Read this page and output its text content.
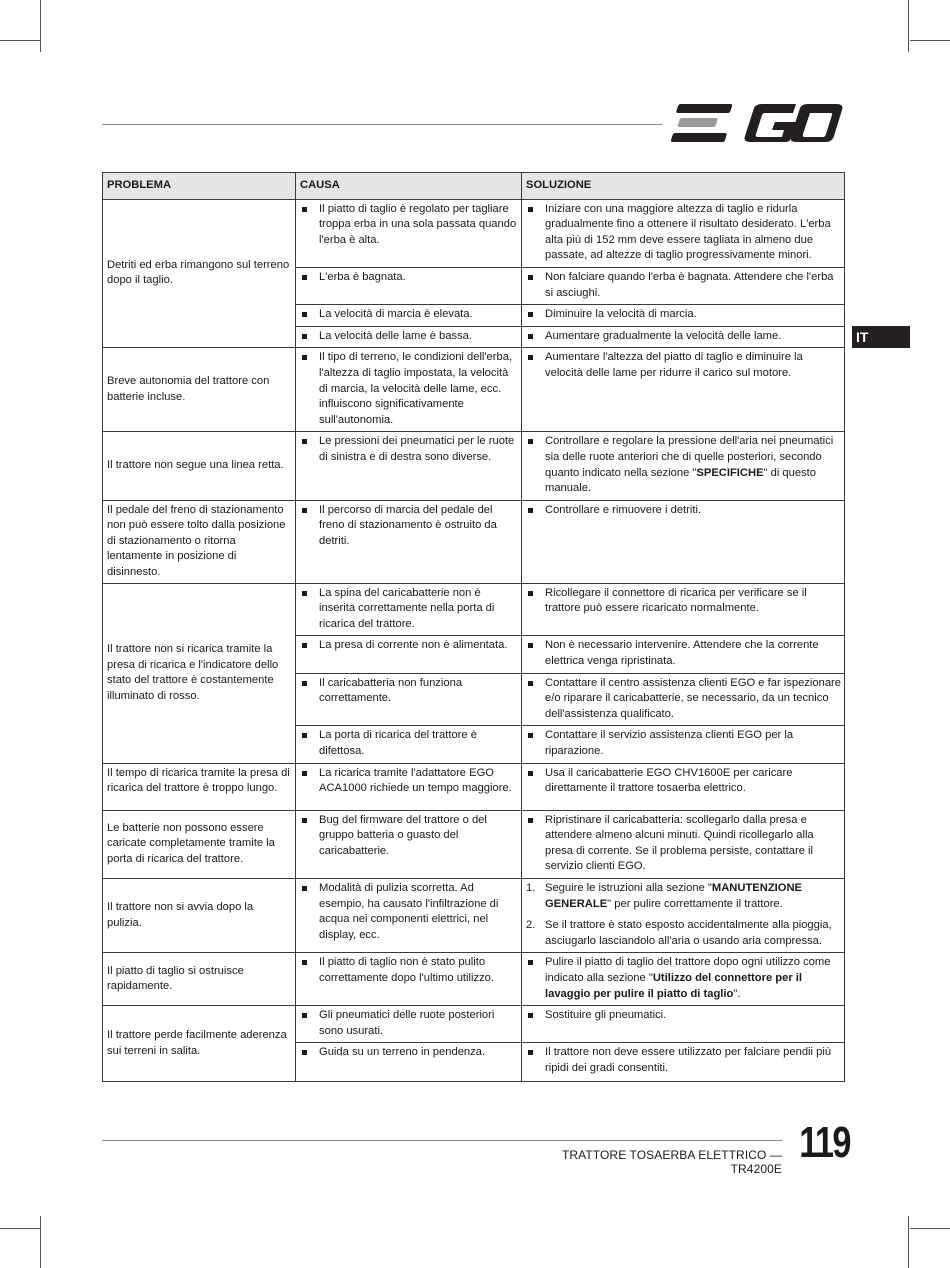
EGO
IT
PROBLEMA	CAUSA	SOLUZIONE
Detriti ed erba rimangono sul terreno dopo il taglio.	Il piatto di taglio è regolato per tagliare troppa erba in una sola passata quando l'erba è alta.	Iniziare con una maggiore altezza di taglio e ridurla gradualmente fino a ottenere il risultato desiderato. L'erba alta più di 152 mm deve essere tagliata in almeno due passate, ad altezze di taglio progressivamente minori.

L'erba è bagnata.	Non falciare quando l'erba è bagnata. Attendere che l'erba si asciughi.

La velocità di marcia è elevata.	Diminuire la velocità di marcia.

La velocità delle lame è bassa.	Aumentare gradualmente la velocità delle lame.

Breve autonomia del trattore con batterie incluse.	Il tipo di terreno, le condizioni dell'erba, l'altezza di taglio impostata, la velocità di marcia, la velocità delle lame, ecc. influiscono significativamente sull'autonomia.	Aumentare l'altezza del piatto di taglio e diminuire la velocità delle lame per ridurre il carico sul motore.

Il trattore non segue una linea retta.	Le pressioni dei pneumatici per le ruote di sinistra e di destra sono diverse.	Controllare e regolare la pressione dell'aria nei pneumatici sia delle ruote anteriori che di quelle posteriori, secondo quanto indicato nella sezione "SPECIFICHE" di questo manuale.

Il pedale del freno di stazionamento non può essere tolto dalla posizione di stazionamento o ritorna lentamente in posizione di disinnesto.	Il percorso di marcia del pedale del freno di stazionamento è ostruito da detriti.	Controllare e rimuovere i detriti.

Il trattore non si ricarica tramite la presa di ricarica e l'indicatore dello stato del trattore è costantemente illuminato di rosso.	La spina del caricabatterie non è inserita correttamente nella porta di ricarica del trattore.	Ricollegare il connettore di ricarica per verificare se il trattore può essere ricaricato normalmente.

La presa di corrente non è alimentata.	Non è necessario intervenire. Attendere che la corrente elettrica venga ripristinata.

Il caricabatteria non funziona correttamente.	Contattare il centro assistenza clienti EGO e far ispezionare e/o riparare il caricabatterie, se necessario, da un tecnico dell'assistenza qualificato.

La porta di ricarica del trattore è difettosa.	Contattare il servizio assistenza clienti EGO per la riparazione.

Il tempo di ricarica tramite la presa di ricarica del trattore è troppo lungo.	La ricarica tramite l'adattatore EGO ACA1000 richiede un tempo maggiore.	Usa il caricabatterie EGO CHV1600E per caricare direttamente il trattore tosaerba elettrico.

Le batterie non possono essere caricate completamente tramite la porta di ricarica del trattore.	Bug del firmware del trattore o del gruppo batteria o guasto del caricabatterie.	Ripristinare il caricabatteria: scollegarlo dalla presa e attendere almeno alcuni minuti. Quindi ricollegarlo alla presa di corrente. Se il problema persiste, contattare il servizio clienti EGO.

Il trattore non si avvia dopo la pulizia.	Modalità di pulizia scorretta. Ad esempio, ha causato l'infiltrazione di acqua nei componenti elettrici, nel display, ecc.	1. Seguire le istruzioni alla sezione "MANUTENZIONE GENERALE" per pulire correttamente il trattore.
2. Se il trattore è stato esposto accidentalmente alla pioggia, asciugarlo lasciandolo all'aria o usando aria compressa.

Il piatto di taglio si ostruisce rapidamente.	Il piatto di taglio non è stato pulito correttamente dopo l'ultimo utilizzo.	Pulire il piatto di taglio del trattore dopo ogni utilizzo come indicato alla sezione "Utilizzo del connettore per il lavaggio per pulire il piatto di taglio".

Il trattore perde facilmente aderenza sui terreni in salita.	Gli pneumatici delle ruote posteriori sono usurati.	Sostituire gli pneumatici.

Guida su un terreno in pendenza.	Il trattore non deve essere utilizzato per falciare pendii più ripidi dei gradi consentiti.
TRATTORE TOSAERBA ELETTRICO — TR4200E
119
